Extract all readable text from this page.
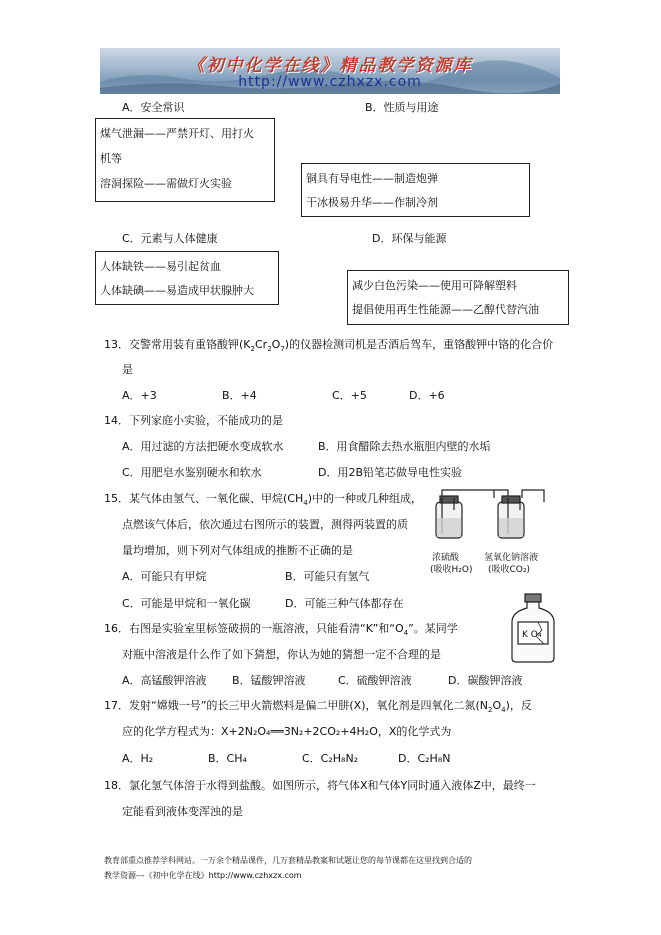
《初中化学在线》精品教学资源库
http://www.czhxzx.com
A．安全常识	B．性质与用途
煤气泄漏——严禁开灯、用打火
机等
溶洞探险——需做灯火实验	铜具有导电性——制造炮弹
干冰极易升华——作制冷剂
C．元素与人体健康	D．环保与能源
人体缺铁——易引起贫血
人体缺碘——易造成甲状腺肿大	减少白色污染——使用可降解塑料
提倡使用再生性能源——乙醇代替汽油
13．交警常用装有重铬酸钾$(K_2Cr_2O_7)$的仪器检测司机是否酒后驾车，重铬酸钾中铬的化合价
是
A．+3	B．+4	C．+5	D．+6
14．下列家庭小实验，不能成功的是
A．用过滤的方法把硬水变成软水	B．用食醋除去热水瓶胆内壁的水垢
C．用肥皂水鉴别硬水和软水	D．用2B铅笔芯做导电性实验
15．某气体由氢气、一氧化碳、甲烷$(CH_4)$中的一种或几种组成，
点燃该气体后，依次通过右图所示的装置，测得两装置的质
量均增加，则下列对气体组成的推断不正确的是
A．可能只有甲烷	B．可能只有氢气
C．可能是甲烷和一氧化碳	D．可能三种气体都存在
浓硫酸
(吸收H₂O)
氢氧化钠溶液
(吸收CO₂)
16．右图是实验室里标签破损的一瓶溶液，只能看清“K”和“$O_4$”。某同学
对瓶中溶液是什么作了如下猜想，你认为她的猜想一定不合理的是
A．高锰酸钾溶液 B．锰酸钾溶液	C．硫酸钾溶液	D．碳酸钾溶液
K O₄
17．发射“嫦娥一号”的长三甲火箭燃料是偏二甲肼(X)，氧化剂是四氧化二氮$(N_2O_4)$，反
应的化学方程式为：X+2N₂O₄══3N₂+2CO₂+4H₂O，X的化学式为
A．H₂	B．CH₄	C．C₂H₈N₂	D．C₂H₈N
18．氯化氢气体溶于水得到盐酸。如图所示，将气体X和气体Y同时通入液体Z中，最终一
定能看到液体变浑浊的是
教育部重点推荐学科网站。一万余个精品课件，几万套精品教案和试题让您的每节课都在这里找到合适的
教学资源---《初中化学在线》http://www.czhxzx.com
